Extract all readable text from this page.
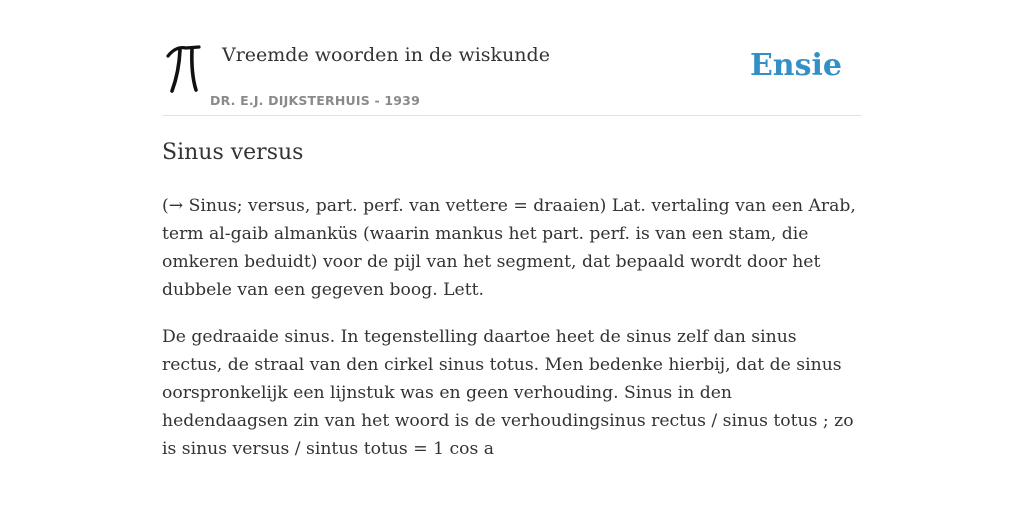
Vreemde woorden in de wiskunde
DR. E.J. DIJKSTERHUIS - 1939
Ensie
Sinus versus

(→ Sinus; versus, part. perf. van vettere = draaien) Lat. vertaling van een Arab, term al-gaib almanküs (waarin mankus het part. perf. is van een stam, die omkeren beduidt) voor de pijl van het segment, dat bepaald wordt door het dubbele van een gegeven boog. Lett.

De gedraaide sinus. In tegenstelling daartoe heet de sinus zelf dan sinus rectus, de straal van den cirkel sinus totus. Men bedenke hierbij, dat de sinus oorspronkelijk een lijnstuk was en geen verhouding. Sinus in den hedendaagsen zin van het woord is de verhoudingsinus rectus / sinus totus ; zo is sinus versus / sintus totus = 1 cos a
